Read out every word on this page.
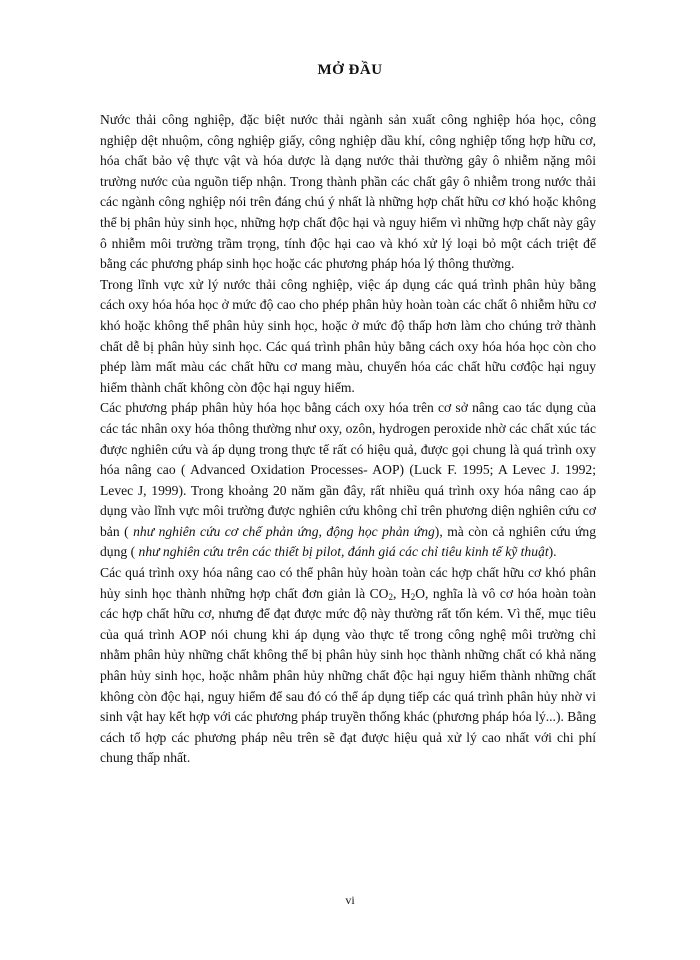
MỞ ĐẦU

Nước thải công nghiệp, đặc biệt nước thải ngành sản xuất công nghiệp hóa học, công nghiệp dệt nhuộm, công nghiệp giấy, công nghiệp dầu khí, công nghiệp tổng hợp hữu cơ, hóa chất bảo vệ thực vật và hóa dược là dạng nước thải thường gây ô nhiễm nặng môi trường nước của nguồn tiếp nhận. Trong thành phần các chất gây ô nhiễm trong nước thải các ngành công nghiệp nói trên đáng chú ý nhất là những hợp chất hữu cơ khó hoặc không thể bị phân hủy sinh học, những hợp chất độc hại và nguy hiểm vì những hợp chất này gây ô nhiễm môi trường trầm trọng, tính độc hại cao và khó xử lý loại bỏ một cách triệt để bằng các phương pháp sinh học hoặc các phương pháp hóa lý thông thường.

Trong lĩnh vực xử lý nước thải công nghiệp, việc áp dụng các quá trình phân hủy bằng cách oxy hóa hóa học ở mức độ cao cho phép phân hủy hoàn toàn các chất ô nhiễm hữu cơ khó hoặc không thể phân hủy sinh học, hoặc ở mức độ thấp hơn làm cho chúng trở thành chất dễ bị phân hủy sinh học. Các quá trình phân hủy bằng cách oxy hóa hóa học còn cho phép làm mất màu các chất hữu cơ mang màu, chuyển hóa các chất hữu cơđộc hại nguy hiểm thành chất không còn độc hại nguy hiểm.

Các phương pháp phân hủy hóa học bằng cách oxy hóa trên cơ sở nâng cao tác dụng của các tác nhân oxy hóa thông thường như oxy, ozôn, hydrogen peroxide nhờ các chất xúc tác được nghiên cứu và áp dụng trong thực tế rất có hiệu quả, được gọi chung là quá trình oxy hóa nâng cao ( Advanced Oxidation Processes- AOP) (Luck F. 1995; A Levec J. 1992; Levec J, 1999). Trong khoảng 20 năm gần đây, rất nhiều quá trình oxy hóa nâng cao áp dụng vào lĩnh vực môi trường được nghiên cứu không chỉ trên phương diện nghiên cứu cơ bản ( như nghiên cứu cơ chế phản ứng, động học phản ứng), mà còn cả nghiên cứu ứng dụng ( như nghiên cứu trên các thiết bị pilot, đánh giá các chỉ tiêu kinh tế kỹ thuật).

Các quá trình oxy hóa nâng cao có thể phân hủy hoàn toàn các hợp chất hữu cơ khó phân hủy sinh học thành những hợp chất đơn giản là $CO_2$, $H_2O$, nghĩa là vô cơ hóa hoàn toàn các hợp chất hữu cơ, nhưng để đạt được mức độ này thường rất tốn kém. Vì thế, mục tiêu của quá trình AOP nói chung khi áp dụng vào thực tế trong công nghệ môi trường chỉ nhằm phân hủy những chất không thể bị phân hủy sinh học thành những chất có khả năng phân hủy sinh học, hoặc nhằm phân hủy những chất độc hại nguy hiểm thành những chất không còn độc hại, nguy hiểm để sau đó có thể áp dụng tiếp các quá trình phân hủy nhờ vi sinh vật hay kết hợp với các phương pháp truyền thống khác (phương pháp hóa lý...). Bằng cách tổ hợp các phương pháp nêu trên sẽ đạt được hiệu quả xử lý cao nhất với chi phí chung thấp nhất.

vi
